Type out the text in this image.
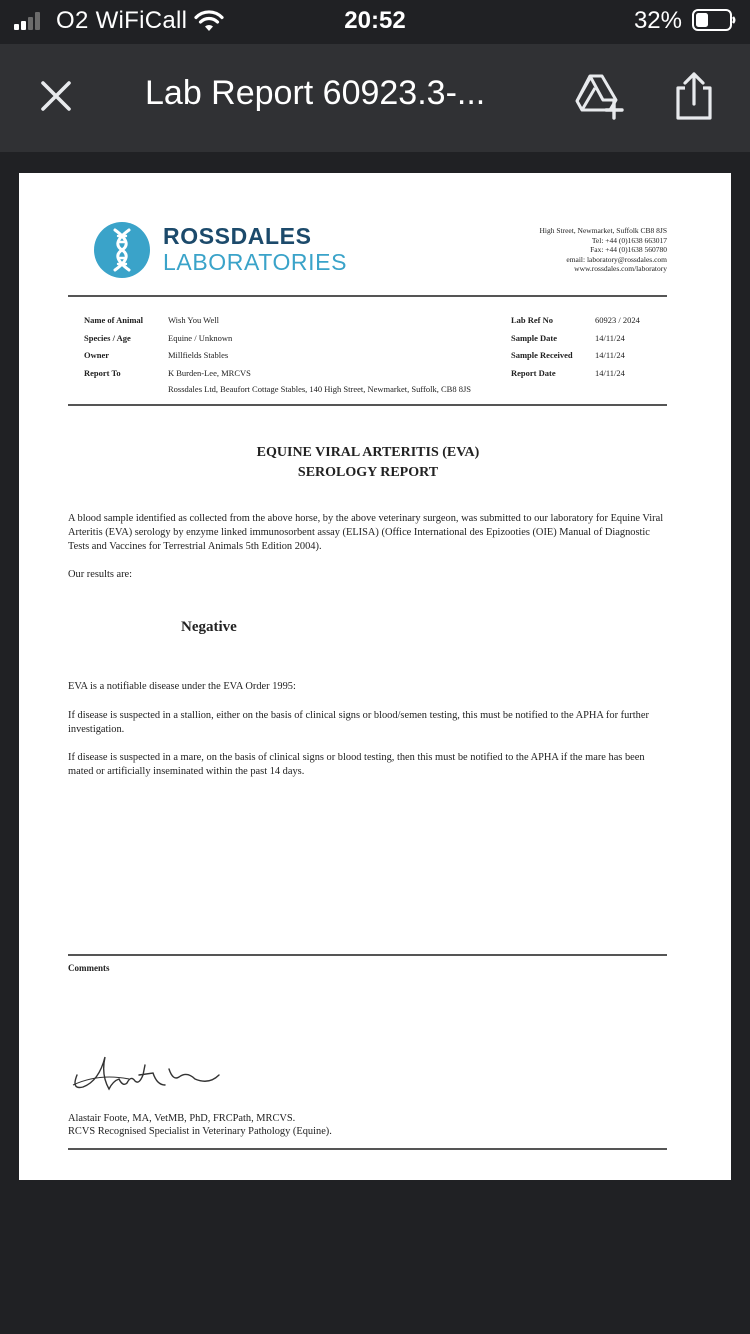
O2 WiFiCall	20:52	32%
Lab Report 60923.3-...
ROSSDALES
LABORATORIES
High Street, Newmarket, Suffolk CB8 8JS
Tel: +44 (0)1638 663017
Fax: +44 (0)1638 560780
email: laboratory@rossdales.com
www.rossdales.com/laboratory
Name of Animal	Wish You Well
Species / Age	Equine / Unknown
Owner	Millfields Stables
Report To	K Burden-Lee, MRCVS
Rossdales Ltd, Beaufort Cottage Stables, 140 High Street, Newmarket, Suffolk, CB8 8JS
Lab Ref No	60923 / 2024
Sample Date	14/11/24
Sample Received	14/11/24
Report Date	14/11/24
EQUINE VIRAL ARTERITIS (EVA)
SEROLOGY REPORT
A blood sample identified as collected from the above horse, by the above veterinary surgeon, was submitted to our laboratory for Equine Viral Arteritis (EVA) serology by enzyme linked immunosorbent assay (ELISA) (Office International des Epizooties (OIE) Manual of Diagnostic Tests and Vaccines for Terrestrial Animals 5th Edition 2004).
Our results are:
Negative
EVA is a notifiable disease under the EVA Order 1995:
If disease is suspected in a stallion, either on the basis of clinical signs or blood/semen testing, this must be notified to the APHA for further investigation.
If disease is suspected in a mare, on the basis of clinical signs or blood testing, then this must be notified to the APHA if the mare has been mated or artificially inseminated within the past 14 days.
Comments
Alastair Foote, MA, VetMB, PhD, FRCPath, MRCVS.
RCVS Recognised Specialist in Veterinary Pathology (Equine).
